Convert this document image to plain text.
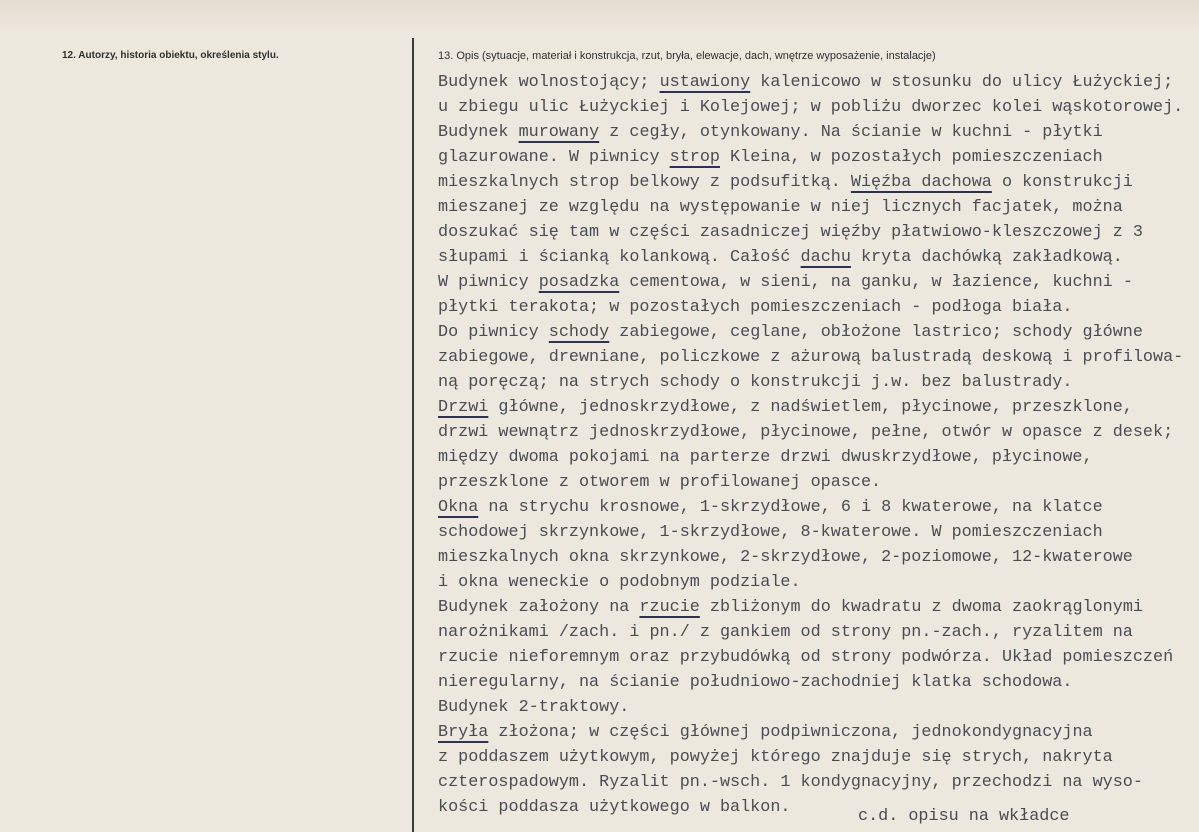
12. Autorzy, historia obiektu, określenia stylu.	13. Opis (sytuacje, materiał i konstrukcja, rzut, bryła, elewacje, dach, wnętrze wyposażenie, instalacje)
Budynek wolnostojący; ustawiony kalenicowo w stosunku do ulicy Łużyckiej;
u zbiegu ulic Łużyckiej i Kolejowej; w pobliżu dworzec kolei wąskotorowej.
Budynek murowany z cegły, otynkowany. Na ścianie w kuchni - płytki
glazurowane. W piwnicy strop Kleina, w pozostałych pomieszczeniach
mieszkalnych strop belkowy z podsufitką. Więźba dachowa o konstrukcji
mieszanej ze względu na występowanie w niej licznych facjatek, można
doszukać się tam w części zasadniczej więźby płatwiowo-kleszczowej z 3
słupami i ścianką kolankową. Całość dachu kryta dachówką zakładkową.
W piwnicy posadzka cementowa, w sieni, na ganku, w łazience, kuchni -
płytki terakota; w pozostałych pomieszczeniach - podłoga biała.
Do piwnicy schody zabiegowe, ceglane, obłożone lastrico; schody główne
zabiegowe, drewniane, policzkowe z ażurową balustradą deskową i profilowa-
ną poręczą; na strych schody o konstrukcji j.w. bez balustrady.
Drzwi główne, jednoskrzydłowe, z nadświetlem, płycinowe, przeszklone,
drzwi wewnątrz jednoskrzydłowe, płycinowe, pełne, otwór w opasce z desek;
między dwoma pokojami na parterze drzwi dwuskrzydłowe, płycinowe,
przeszklone z otworem w profilowanej opasce.
Okna na strychu krosnowe, 1-skrzydłowe, 6 i 8 kwaterowe, na klatce
schodowej skrzynkowe, 1-skrzydłowe, 8-kwaterowe. W pomieszczeniach
mieszkalnych okna skrzynkowe, 2-skrzydłowe, 2-poziomowe, 12-kwaterowe
i okna weneckie o podobnym podziale.
Budynek założony na rzucie zbliżonym do kwadratu z dwoma zaokrąglonymi
narożnikami /zach. i pn./ z gankiem od strony pn.-zach., ryzalitem na
rzucie nieforemnym oraz przybudówką od strony podwórza. Układ pomieszczeń
nieregularny, na ścianie południowo-zachodniej klatka schodowa.
Budynek 2-traktowy.
Bryła złożona; w części głównej podpiwniczona, jednokondygnacyjna
z poddaszem użytkowym, powyżej którego znajduje się strych, nakryta
czterospadowym. Ryzalit pn.-wsch. 1 kondygnacyjny, przechodzi na wyso-
kości poddasza użytkowego w balkon.	c.d. opisu na wkładce
